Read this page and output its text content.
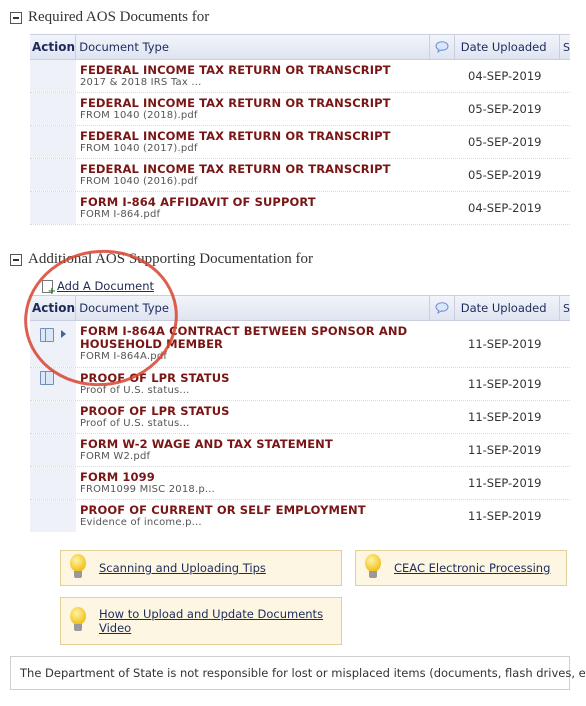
Required AOS Documents for
Action Document Type	Date Uploaded	S
FEDERAL INCOME TAX RETURN OR TRANSCRIPT
2017 & 2018 IRS Tax ...	04-SEP-2019
FEDERAL INCOME TAX RETURN OR TRANSCRIPT
FROM 1040 (2018).pdf	05-SEP-2019
FEDERAL INCOME TAX RETURN OR TRANSCRIPT
FROM 1040 (2017).pdf	05-SEP-2019
FEDERAL INCOME TAX RETURN OR TRANSCRIPT
FROM 1040 (2016).pdf	05-SEP-2019
FORM I-864 AFFIDAVIT OF SUPPORT
FORM I-864.pdf	04-SEP-2019
Additional AOS Supporting Documentation for
+
Add A Document
Action Document Type	Date Uploaded	S
FORM I-864A CONTRACT BETWEEN SPONSOR AND HOUSEHOLD MEMBER
FORM I-864A.pdf
11-SEP-2019
PROOF OF LPR STATUS
Proof of U.S. status...	11-SEP-2019
PROOF OF LPR STATUS
Proof of U.S. status...	11-SEP-2019
FORM W-2 WAGE AND TAX STATEMENT
FORM W2.pdf	11-SEP-2019
FORM 1099
FROM1099 MISC 2018.p...	11-SEP-2019
PROOF OF CURRENT OR SELF EMPLOYMENT
Evidence of income.p...	11-SEP-2019
Scanning and Uploading Tips	CEAC Electronic Processing
How to Upload and Update Documents Video
The Department of State is not responsible for lost or misplaced items (documents, flash drives, e
